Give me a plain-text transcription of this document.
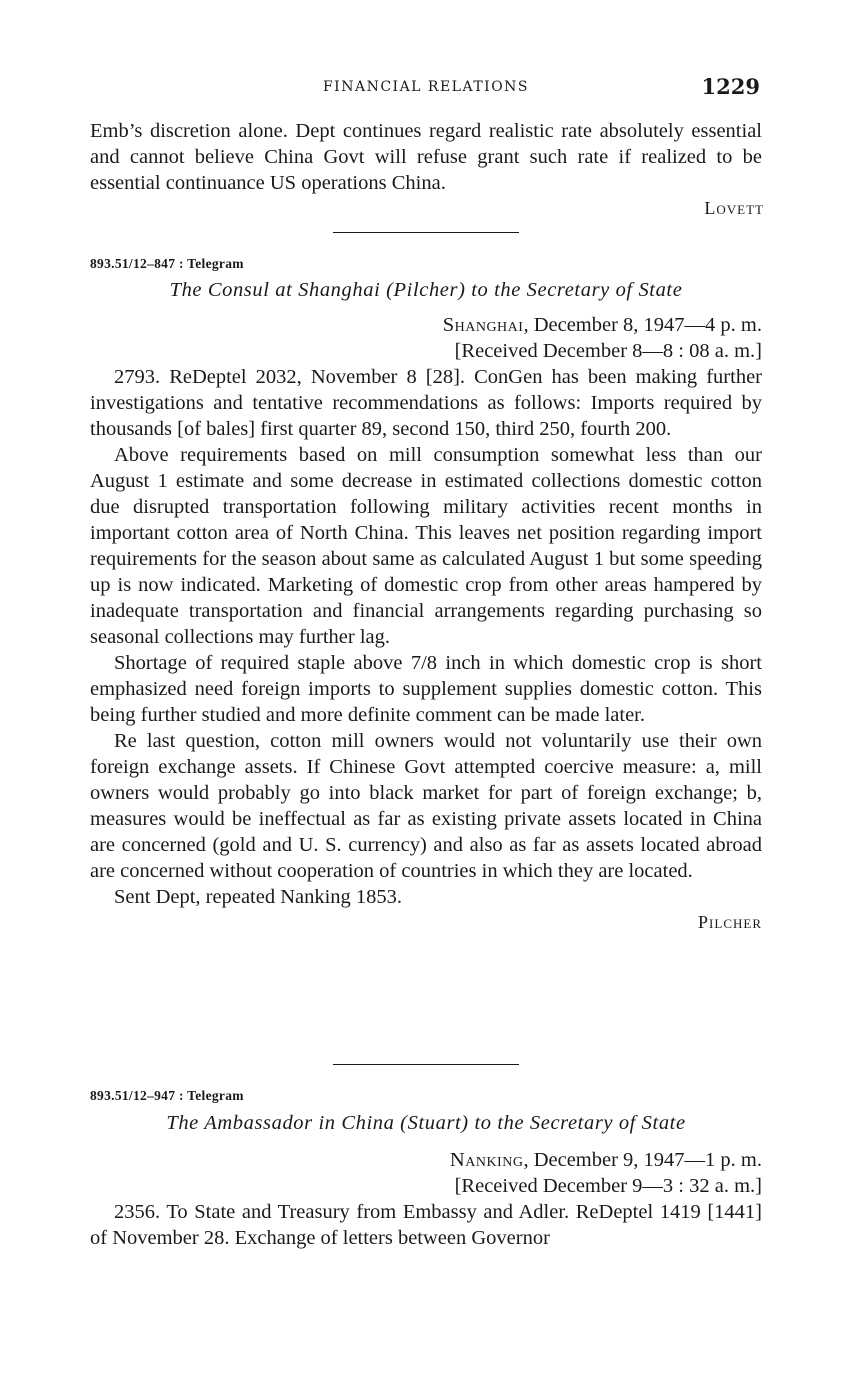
FINANCIAL RELATIONS	1229

Emb’s discretion alone. Dept continues regard realistic rate absolutely essential and cannot believe China Govt will refuse grant such rate if realized to be essential continuance US operations China.

Lovett
893.51/12–847 : Telegram
The Consul at Shanghai (Pilcher) to the Secretary of State
Shanghai, December 8, 1947—4 p. m.
[Received December 8—8 : 08 a. m.]

2793. ReDeptel 2032, November 8 [28]. ConGen has been making further investigations and tentative recommendations as follows: Imports required by thousands [of bales] first quarter 89, second 150, third 250, fourth 200.

Above requirements based on mill consumption somewhat less than our August 1 estimate and some decrease in estimated collections domestic cotton due disrupted transportation following military activities recent months in important cotton area of North China. This leaves net position regarding import requirements for the season about same as calculated August 1 but some speeding up is now indicated. Marketing of domestic crop from other areas hampered by inadequate transportation and financial arrangements regarding purchasing so seasonal collections may further lag.

Shortage of required staple above 7/8 inch in which domestic crop is short emphasized need foreign imports to supplement supplies domestic cotton. This being further studied and more definite comment can be made later.

Re last question, cotton mill owners would not voluntarily use their own foreign exchange assets. If Chinese Govt attempted coercive measure: a, mill owners would probably go into black market for part of foreign exchange; b, measures would be ineffectual as far as existing private assets located in China are concerned (gold and U. S. currency) and also as far as assets located abroad are concerned without cooperation of countries in which they are located.

Sent Dept, repeated Nanking 1853.

Pilcher
893.51/12–947 : Telegram
The Ambassador in China (Stuart) to the Secretary of State
Nanking, December 9, 1947—1 p. m.
[Received December 9—3 : 32 a. m.]

2356. To State and Treasury from Embassy and Adler. ReDeptel 1419 [1441] of November 28. Exchange of letters between Governor
